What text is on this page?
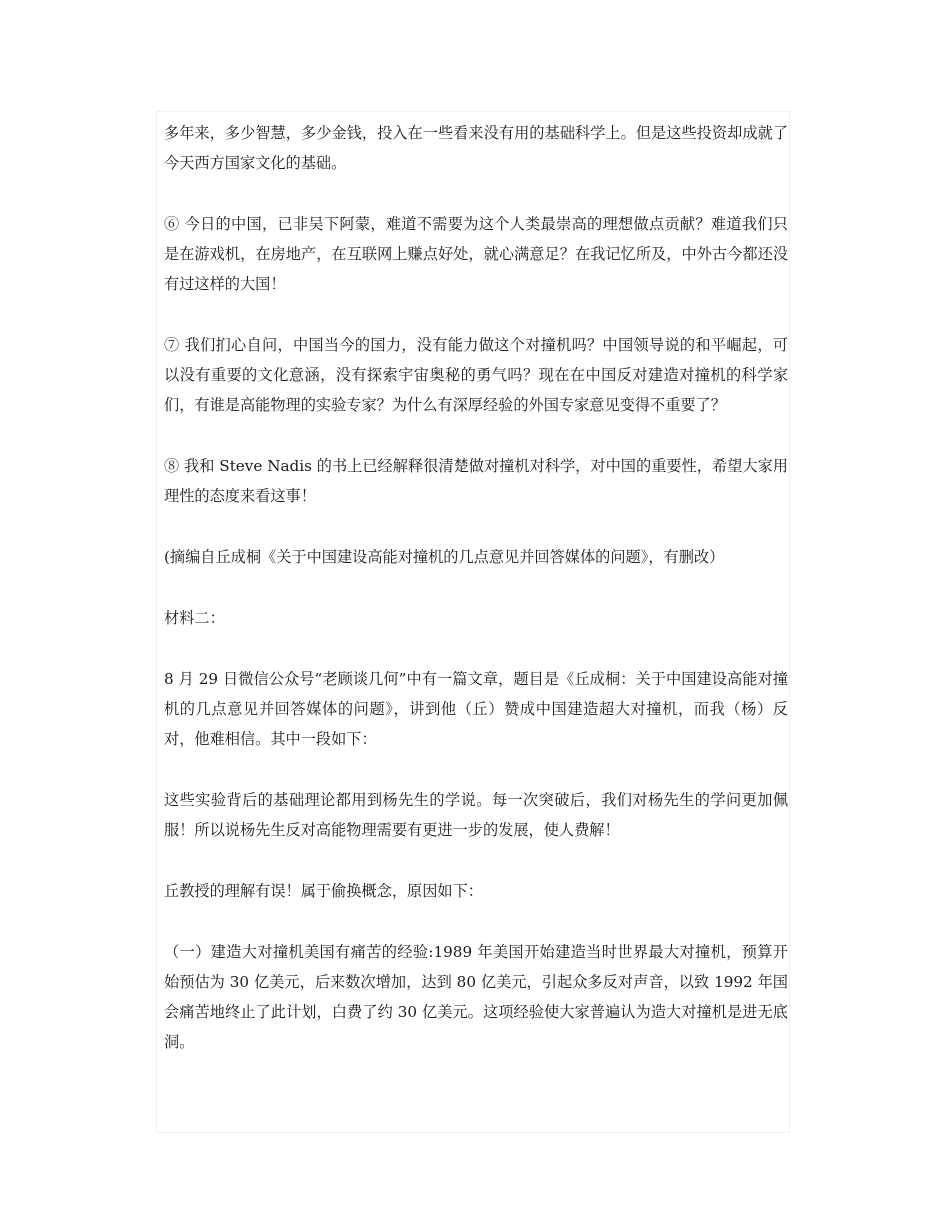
多年来，多少智慧，多少金钱，投入在一些看来没有用的基础科学上。但是这些投资却成就了今天西方国家文化的基础。

⑥ 今日的中国，已非吴下阿蒙，难道不需要为这个人类最崇高的理想做点贡献？难道我们只是在游戏机，在房地产，在互联网上赚点好处，就心满意足？在我记忆所及，中外古今都还没有过这样的大国！

⑦ 我们扪心自问，中国当今的国力，没有能力做这个对撞机吗？中国领导说的和平崛起，可以没有重要的文化意涵，没有探索宇宙奥秘的勇气吗？现在在中国反对建造对撞机的科学家们，有谁是高能物理的实验专家？为什么有深厚经验的外国专家意见变得不重要了？

⑧ 我和 Steve Nadis 的书上已经解释很清楚做对撞机对科学，对中国的重要性，希望大家用理性的态度来看这事！

(摘编自丘成桐《关于中国建设高能对撞机的几点意见并回答媒体的问题》，有删改）

材料二：

8 月 29 日微信公众号“老顾谈几何”中有一篇文章，题目是《丘成桐：关于中国建设高能对撞机的几点意见并回答媒体的问题》，讲到他（丘）赞成中国建造超大对撞机，而我（杨）反对，他难相信。其中一段如下：

这些实验背后的基础理论都用到杨先生的学说。每一次突破后，我们对杨先生的学问更加佩服！所以说杨先生反对高能物理需要有更进一步的发展，使人费解！

丘教授的理解有误！属于偷换概念，原因如下：

（一）建造大对撞机美国有痛苦的经验:1989 年美国开始建造当时世界最大对撞机，预算开始预估为 30 亿美元，后来数次增加，达到 80 亿美元，引起众多反对声音，以致 1992 年国会痛苦地终止了此计划，白费了约 30 亿美元。这项经验使大家普遍认为造大对撞机是进无底洞。
